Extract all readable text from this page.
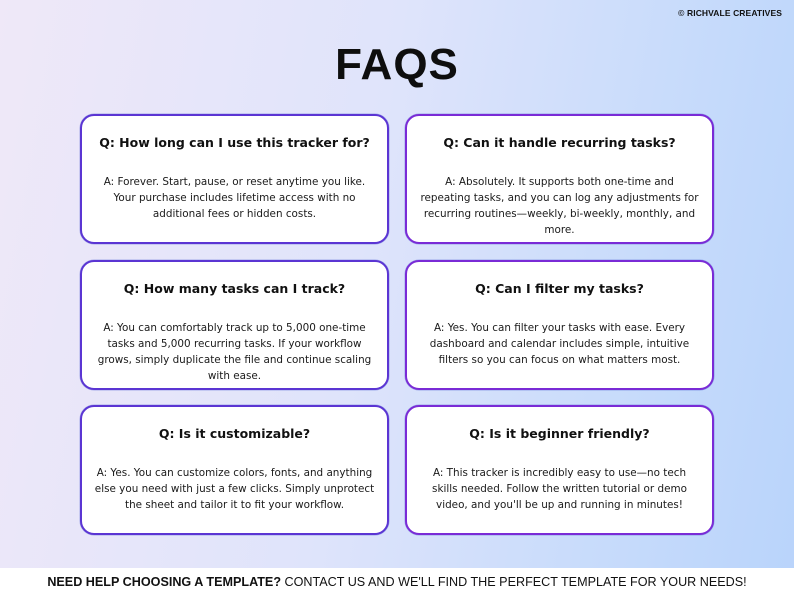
© RICHVALE CREATIVES
FAQS
Q: How long can I use this tracker for?
A: Forever. Start, pause, or reset anytime you like. Your purchase includes lifetime access with no additional fees or hidden costs.
Q: Can it handle recurring tasks?
A: Absolutely. It supports both one-time and repeating tasks, and you can log any adjustments for recurring routines—weekly, bi-weekly, monthly, and more.
Q: How many tasks can I track?
A: You can comfortably track up to 5,000 one-time tasks and 5,000 recurring tasks. If your workflow grows, simply duplicate the file and continue scaling with ease.
Q: Can I filter my tasks?
A: Yes. You can filter your tasks with ease. Every dashboard and calendar includes simple, intuitive filters so you can focus on what matters most.
Q: Is it customizable?
A: Yes. You can customize colors, fonts, and anything else you need with just a few clicks. Simply unprotect the sheet and tailor it to fit your workflow.
Q: Is it beginner friendly?
A: This tracker is incredibly easy to use—no tech skills needed. Follow the written tutorial or demo video, and you'll be up and running in minutes!
NEED HELP CHOOSING A TEMPLATE? CONTACT US AND WE'LL FIND THE PERFECT TEMPLATE FOR YOUR NEEDS!
